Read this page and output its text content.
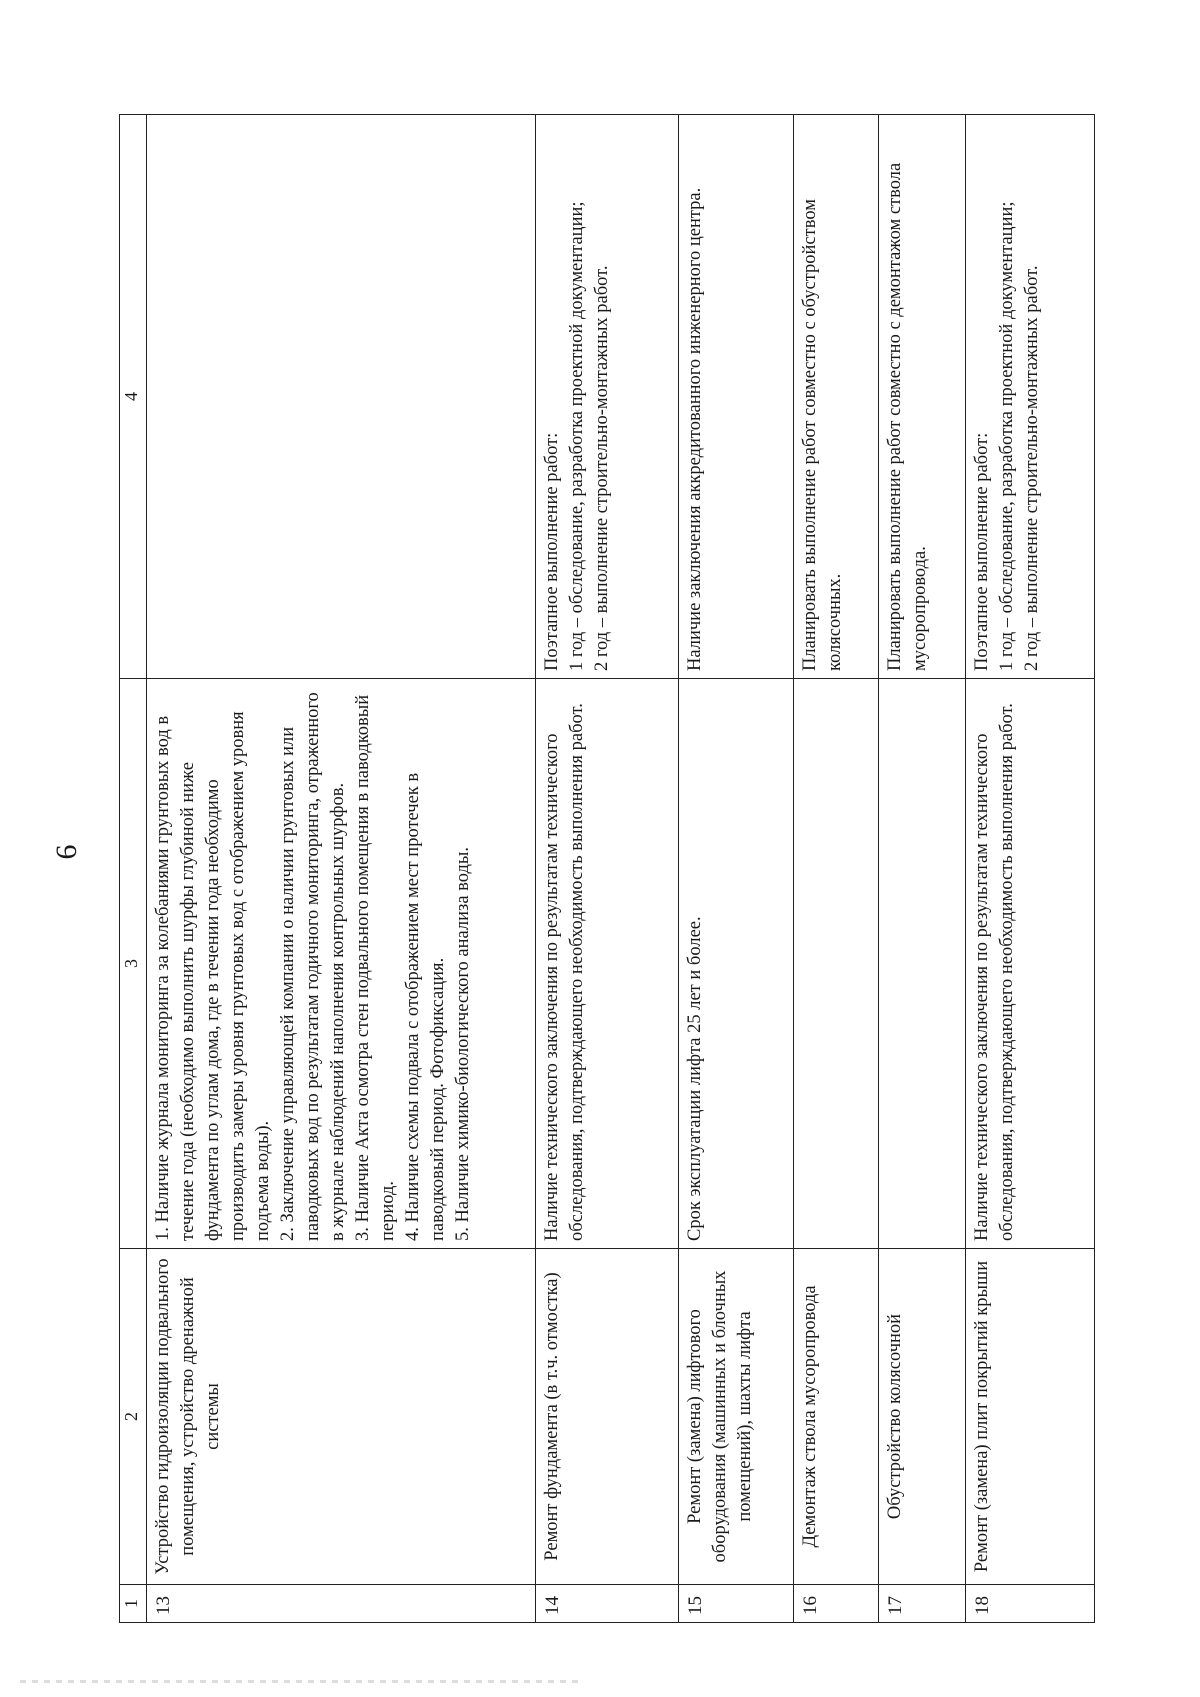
6
1	2	3	4
13	Устройство гидроизоляции подвального помещения, устройство дренажной системы	1. Наличие журнала мониторинга за колебаниями грунтовых вод в течение года (необходимо выполнить шурфы глубиной ниже фундамента по углам дома, где в течении года необходимо производить замеры уровня грунтовых вод с отображением уровня подъема воды). 2. Заключение управляющей компании о наличии грунтовых или паводковых вод по результатам годичного мониторинга, отраженного в журнале наблюдений наполнения контрольных шурфов. 3. Наличие Акта осмотра стен подвального помещения в паводковый период. 4. Наличие схемы подвала с отображением мест протечек в паводковый период. Фотофиксация. 5. Наличие химико-биологического анализа воды.	

14	Ремонт фундамента (в т.ч. отмостка)	Наличие технического заключения по результатам технического обследования, подтверждающего необходимость выполнения работ.	Поэтапное выполнение работ: 1 год – обследование, разработка проектной документации; 2 год – выполнение строительно-монтажных работ.

15	Ремонт (замена) лифтового оборудования (машинных и блочных помещений), шахты лифта	Срок эксплуатации лифта 25 лет и более.	Наличие заключения аккредитованного инженерного центра.
16	Демонтаж ствола мусоропровода		Планировать выполнение работ совместно с обустройством колясочных.
17	Обустройство колясочной		Планировать выполнение работ совместно с демонтажом ствола мусоропровода.
18	Ремонт (замена) плит покрытий крыши	Наличие технического заключения по результатам технического обследования, подтверждающего необходимость выполнения работ.	Поэтапное выполнение работ: 1 год – обследование, разработка проектной документации; 2 год – выполнение строительно-монтажных работ.
